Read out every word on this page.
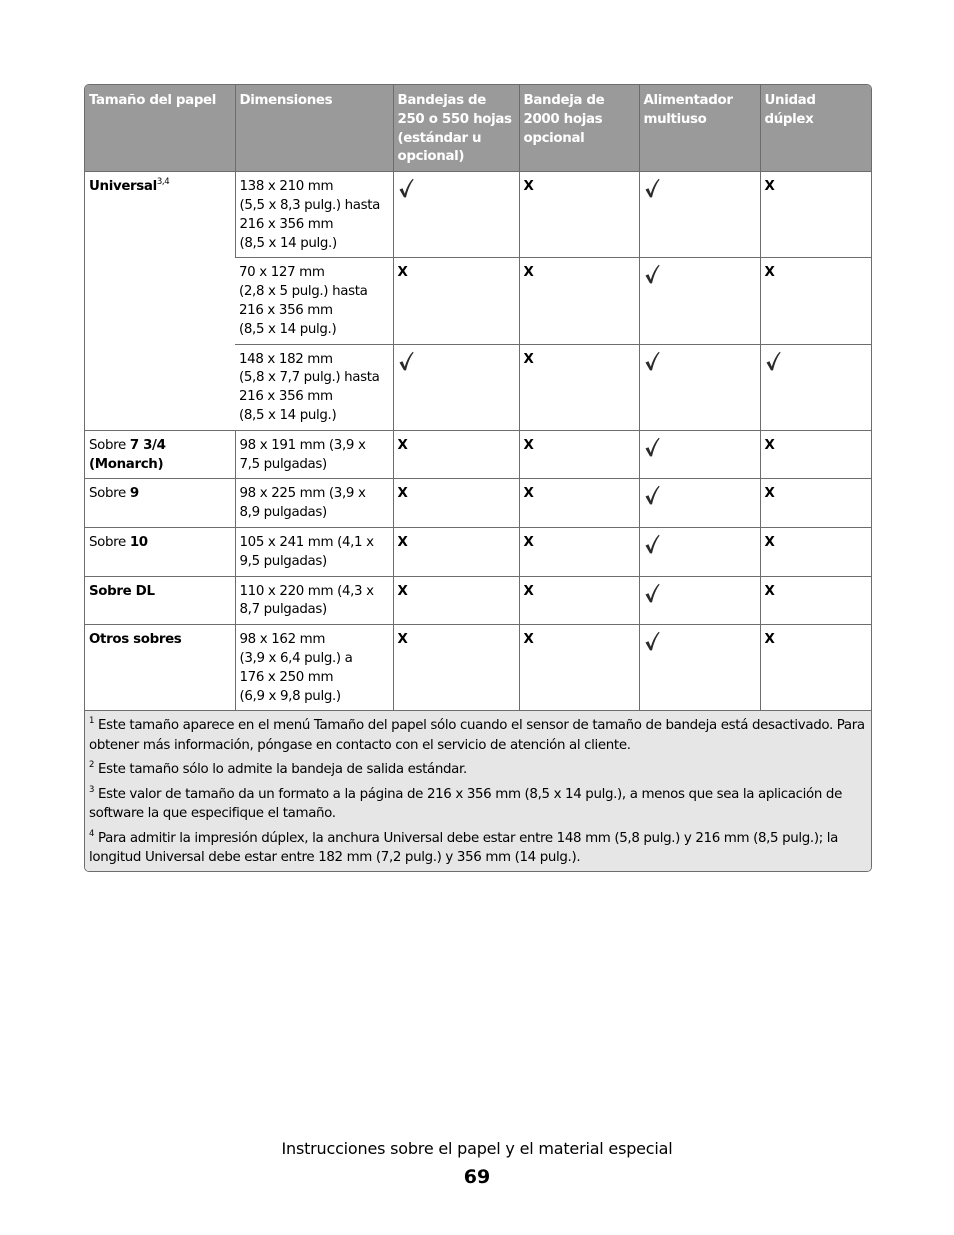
Tamaño del papel	Dimensiones	Bandejas de 250 o 550 hojas (estándar u opcional)	Bandeja de 2000 hojas opcional	Alimentador multiuso	Unidad dúplex
Universal$^{3,4}$	138 x 210 mm
(5,5 x 8,3 pulg.) hasta
216 x 356 mm
(8,5 x 14 pulg.)		X		X

	70 x 127 mm
(2,8 x 5 pulg.) hasta
216 x 356 mm
(8,5 x 14 pulg.)	X	X		X

	148 x 182 mm
(5,8 x 7,7 pulg.) hasta
216 x 356 mm
(8,5 x 14 pulg.)		X		
Sobre 7 3/4 (Monarch)	98 x 191 mm (3,9 x 7,5 pulgadas)	X	X		X
Sobre 9	98 x 225 mm (3,9 x 8,9 pulgadas)	X	X		X
Sobre 10	105 x 241 mm (4,1 x 9,5 pulgadas)	X	X		X
Sobre DL	110 x 220 mm (4,3 x 8,7 pulgadas)	X	X		X
Otros sobres	98 x 162 mm
(3,9 x 6,4 pulg.) a
176 x 250 mm
(6,9 x 9,8 pulg.)	X	X		X

$^1$ Este tamaño aparece en el menú Tamaño del papel sólo cuando el sensor de tamaño de bandeja está desactivado. Para obtener más información, póngase en contacto con el servicio de atención al cliente.
$^2$ Este tamaño sólo lo admite la bandeja de salida estándar.
$^3$ Este valor de tamaño da un formato a la página de 216 x 356 mm (8,5 x 14 pulg.), a menos que sea la aplicación de software la que especifique el tamaño.
$^4$ Para admitir la impresión dúplex, la anchura Universal debe estar entre 148 mm (5,8 pulg.) y 216 mm (8,5 pulg.); la longitud Universal debe estar entre 182 mm (7,2 pulg.) y 356 mm (14 pulg.).					
Instrucciones sobre el papel y el material especial
69
